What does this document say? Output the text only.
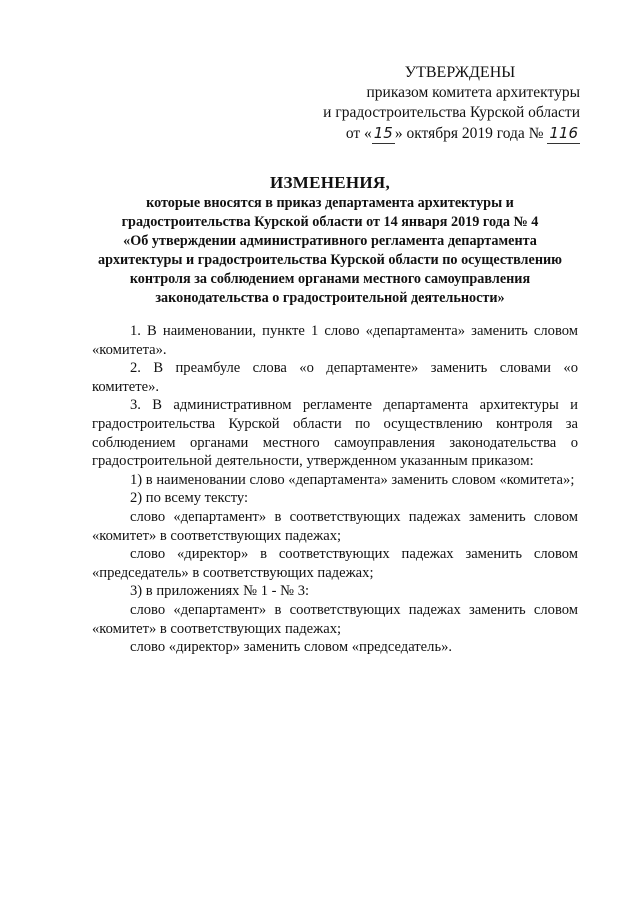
УТВЕРЖДЕНЫ
приказом комитета архитектуры
и градостроительства Курской области
от « 15 » октября 2019 года № 116
ИЗМЕНЕНИЯ,
которые вносятся в приказ департамента архитектуры и
градостроительства Курской области от 14 января 2019 года № 4
«Об утверждении административного регламента департамента
архитектуры и градостроительства Курской области по осуществлению
контроля за соблюдением органами местного самоуправления
законодательства о градостроительной деятельности»

1. В наименовании, пункте 1 слово «департамента» заменить словом «комитета».

2. В преамбуле слова «о департаменте» заменить словами «о комитете».

3. В административном регламенте департамента архитектуры и градостроительства Курской области по осуществлению контроля за соблюдением органами местного самоуправления законодательства о градостроительной деятельности, утвержденном указанным приказом:

1) в наименовании слово «департамента» заменить словом «комитета»;

2) по всему тексту:

слово «департамент» в соответствующих падежах заменить словом «комитет» в соответствующих падежах;

слово «директор» в соответствующих падежах заменить словом «председатель» в соответствующих падежах;

3) в приложениях № 1 - № 3:

слово «департамент» в соответствующих падежах заменить словом «комитет» в соответствующих падежах;

слово «директор» заменить словом «председатель».
